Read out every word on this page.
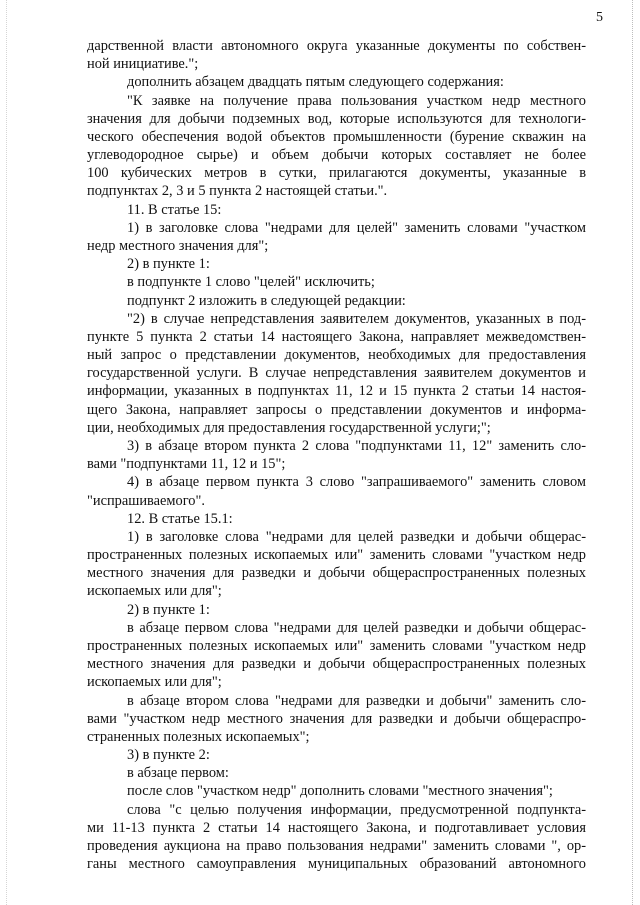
5
дарственной власти автономного округа указанные документы по собствен-
ной инициативе.";
дополнить абзацем двадцать пятым следующего содержания:
"К заявке на получение права пользования участком недр местного
значения для добычи подземных вод, которые используются для технологи-
ческого обеспечения водой объектов промышленности (бурение скважин на
углеводородное сырье) и объем добычи которых составляет не более
100 кубических метров в сутки, прилагаются документы, указанные в
подпунктах 2, 3 и 5 пункта 2 настоящей статьи.".
11. В статье 15:
1) в заголовке слова "недрами для целей" заменить словами "участком
недр местного значения для";
2) в пункте 1:
в подпункте 1 слово "целей" исключить;
подпункт 2 изложить в следующей редакции:
"2) в случае непредставления заявителем документов, указанных в под-
пункте 5 пункта 2 статьи 14 настоящего Закона, направляет межведомствен-
ный запрос о представлении документов, необходимых для предоставления
государственной услуги. В случае непредставления заявителем документов и
информации, указанных в подпунктах 11, 12 и 15 пункта 2 статьи 14 настоя-
щего Закона, направляет запросы о представлении документов и информа-
ции, необходимых для предоставления государственной услуги;";
3) в абзаце втором пункта 2 слова "подпунктами 11, 12" заменить сло-
вами "подпунктами 11, 12 и 15";
4) в абзаце первом пункта 3 слово "запрашиваемого" заменить словом
"испрашиваемого".
12. В статье 15.1:
1) в заголовке слова "недрами для целей разведки и добычи общерас-
пространенных полезных ископаемых или" заменить словами "участком недр
местного значения для разведки и добычи общераспространенных полезных
ископаемых или для";
2) в пункте 1:
в абзаце первом слова "недрами для целей разведки и добычи общерас-
пространенных полезных ископаемых или" заменить словами "участком недр
местного значения для разведки и добычи общераспространенных полезных
ископаемых или для";
в абзаце втором слова "недрами для разведки и добычи" заменить сло-
вами "участком недр местного значения для разведки и добычи общераспро-
страненных полезных ископаемых";
3) в пункте 2:
в абзаце первом:
после слов "участком недр" дополнить словами "местного значения";
слова "с целью получения информации, предусмотренной подпункта-
ми 11-13 пункта 2 статьи 14 настоящего Закона, и подготавливает условия
проведения аукциона на право пользования недрами" заменить словами ", ор-
ганы местного самоуправления муниципальных образований автономного
